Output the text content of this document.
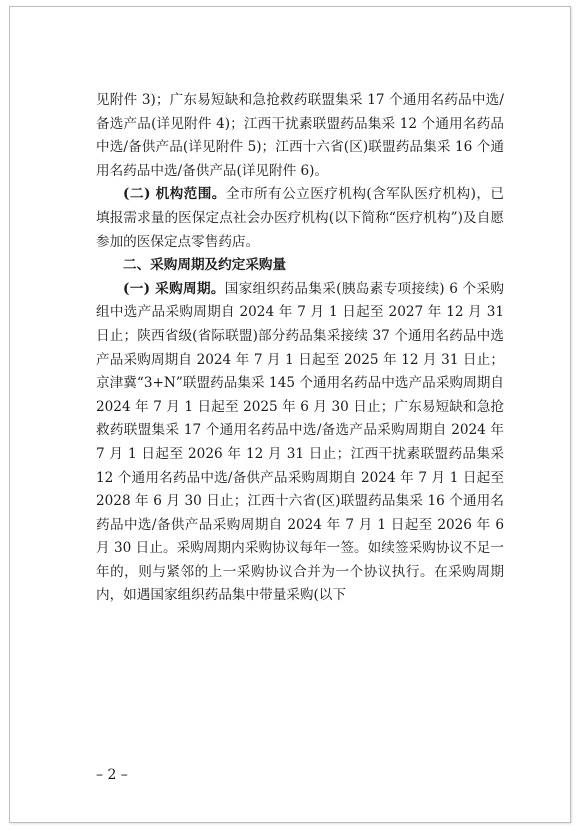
见附件 3)；广东易短缺和急抢救药联盟集采 17 个通用名药品中选/备选产品(详见附件 4)；江西干扰素联盟药品集采 12 个通用名药品中选/备供产品(详见附件 5)；江西十六省(区)联盟药品集采 16 个通用名药品中选/备供产品(详见附件 6)。

(二) 机构范围。全市所有公立医疗机构(含军队医疗机构)，已填报需求量的医保定点社会办医疗机构(以下简称“医疗机构”)及自愿参加的医保定点零售药店。

二、采购周期及约定采购量

(一) 采购周期。国家组织药品集采(胰岛素专项接续) 6 个采购组中选产品采购周期自 2024 年 7 月 1 日起至 2027 年 12 月 31 日止；陕西省级(省际联盟)部分药品集采接续 37 个通用名药品中选产品采购周期自 2024 年 7 月 1 日起至 2025 年 12 月 31 日止；京津冀“3+N”联盟药品集采 145 个通用名药品中选产品采购周期自 2024 年 7 月 1 日起至 2025 年 6 月 30 日止；广东易短缺和急抢救药联盟集采 17 个通用名药品中选/备选产品采购周期自 2024 年 7 月 1 日起至 2026 年 12 月 31 日止；江西干扰素联盟药品集采 12 个通用名药品中选/备供产品采购周期自 2024 年 7 月 1 日起至 2028 年 6 月 30 日止；江西十六省(区)联盟药品集采 16 个通用名药品中选/备供产品采购周期自 2024 年 7 月 1 日起至 2026 年 6 月 30 日止。采购周期内采购协议每年一签。如续签采购协议不足一年的，则与紧邻的上一采购协议合并为一个协议执行。在采购周期内，如遇国家组织药品集中带量采购(以下

– 2 –
